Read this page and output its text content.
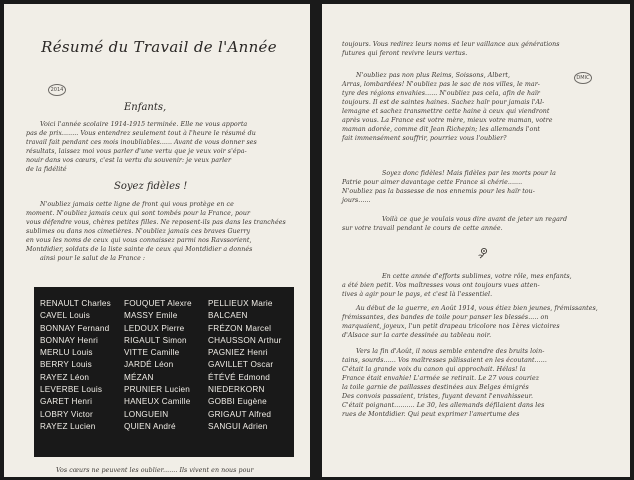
2014
Résumé du Travail de l'Année
Enfants,
Voici l'année scolaire 1914-1915 terminée. Elle ne vous apporta
pas de prix........ Vous entendrez seulement tout à l'heure le résumé du
travail fait pendant ces mois inoubliables...... Avant de vous donner ses
résultats, laissez moi vous parler d'une vertu que je veux voir s'épa-
nouir dans vos cœurs, c'est la vertu du souvenir: je veux parler
de la fidélité
Soyez fidèles !
N'oubliez jamais cette ligne de front qui vous protège en ce
moment. N'oubliez jamais ceux qui sont tombés pour la France, pour
vous défendre vous, chères petites filles. Ne reposent-ils pas dans les tranchées
sublimes ou dans nos cimetières. N'oubliez jamais ces braves Guerry
en vous les noms de ceux qui vous connaissez parmi nos Ravssorient,
Montdidier, soldats de la liste sainte de ceux qui Montdidier a donnés
ainsi pour le salut de la France :
RENAULT Charles
CAVEL Louis
BONNAY Fernand
BONNAY Henri
MERLU Louis
BERRY Louis
RAYEZ Léon
LEVERBE Louis
GARET Henri
LOBRY Victor
RAYEZ Lucien
FOUQUET Alexre
MASSY Emile
LEDOUX Pierre
RIGAULT Simon
VITTE Camille
JARDÉ Léon
MÉZAN
PRUNIER Lucien
HANEUX Camille
LONGUEIN
QUIEN André
PELLIEUX Marie
BALCAEN
FRÉZON Marcel
CHAUSSON Arthur
PAGNIEZ Henri
GAVILLET Oscar
ÉTÉVÉ Edmond
NIEDERKORN
GOBBI Eugène
GRIGAUT Alfred
SANGUI Adrien
Vos cœurs ne peuvent les oublier....... Ils vivent en nous pour
DMIC
toujours. Vous redirez leurs noms et leur vaillance aux générations
futures qui feront revivre leurs vertus.
N'oubliez pas non plus Reims, Soissons, Albert,
Arras, lombardées! N'oubliez pas le sac de nos villes, le mar-
tyre des régions envahies...... N'oubliez pas cela, afin de haïr
toujours. Il est de saintes haines. Sachez haïr pour jamais l'Al-
lemagne et sachez transmettre cette haine à ceux qui viendront
après vous. La France est votre mère, mieux votre maman, votre
maman adorée, comme dit Jean Richepin; les allemands l'ont
fait immensément souffrir, pourriez vous l'oublier?
Soyez donc fidèles! Mais fidèles par les morts pour la
Patrie pour aimer davantage cette France si chérie.......
N'oubliez pas la bassesse de nos ennemis pour les haïr tou-
jours......
Voilà ce que je voulais vous dire avant de jeter un regard
sur votre travail pendant le cours de cette année.
En cette année d'efforts sublimes, votre rôle, mes enfants,
a été bien petit. Vos maîtresses vous ont toujours vues atten-
tives à agir pour le pays, et c'est là l'essentiel.
Au début de la guerre, en Août 1914, vous étiez bien jeunes, frémissantes,
frémissantes, des bandes de toile pour panser les blessés..... on
marquaient, joyeux, l'un petit drapeau tricolore nos 1ères victoires
d'Alsace sur la carte dessinée au tableau noir.
Vers la fin d'Août, il nous semble entendre des bruits loin-
tains, sourds...... Vos maîtresses pâlissaient en les écoutant......
C'était la grande voix du canon qui approchait. Hélas! la
France était envahie! L'armée se retirait. Le 27 vous couriez
la toile garnie de paillasses destinées aux Belges émigrés
Des convois passaient, tristes, fuyant devant l'envahisseur.
C'était poignant.......... Le 30, les allemands défilaient dans les
rues de Montdidier. Qui peut exprimer l'amertume des
